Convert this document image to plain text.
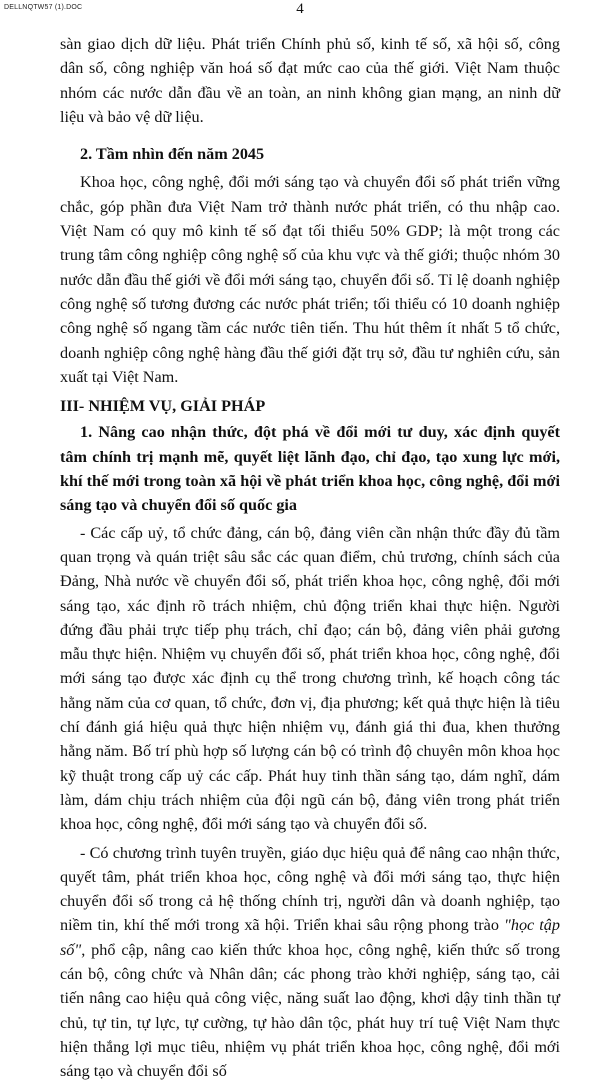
DELLNQTW57 (1).DOC	4

sàn giao dịch dữ liệu. Phát triển Chính phủ số, kinh tế số, xã hội số, công dân số, công nghiệp văn hoá số đạt mức cao của thế giới. Việt Nam thuộc nhóm các nước dẫn đầu về an toàn, an ninh không gian mạng, an ninh dữ liệu và bảo vệ dữ liệu.

2. Tầm nhìn đến năm 2045

Khoa học, công nghệ, đổi mới sáng tạo và chuyển đổi số phát triển vững chắc, góp phần đưa Việt Nam trở thành nước phát triển, có thu nhập cao. Việt Nam có quy mô kinh tế số đạt tối thiểu 50% GDP; là một trong các trung tâm công nghiệp công nghệ số của khu vực và thế giới; thuộc nhóm 30 nước dẫn đầu thế giới về đổi mới sáng tạo, chuyển đổi số. Tỉ lệ doanh nghiệp công nghệ số tương đương các nước phát triển; tối thiểu có 10 doanh nghiệp công nghệ số ngang tầm các nước tiên tiến. Thu hút thêm ít nhất 5 tổ chức, doanh nghiệp công nghệ hàng đầu thế giới đặt trụ sở, đầu tư nghiên cứu, sản xuất tại Việt Nam.

III- NHIỆM VỤ, GIẢI PHÁP

1. Nâng cao nhận thức, đột phá về đổi mới tư duy, xác định quyết tâm chính trị mạnh mẽ, quyết liệt lãnh đạo, chỉ đạo, tạo xung lực mới, khí thế mới trong toàn xã hội về phát triển khoa học, công nghệ, đổi mới sáng tạo và chuyển đổi số quốc gia

- Các cấp uỷ, tổ chức đảng, cán bộ, đảng viên cần nhận thức đầy đủ tầm quan trọng và quán triệt sâu sắc các quan điểm, chủ trương, chính sách của Đảng, Nhà nước về chuyển đổi số, phát triển khoa học, công nghệ, đổi mới sáng tạo, xác định rõ trách nhiệm, chủ động triển khai thực hiện. Người đứng đầu phải trực tiếp phụ trách, chỉ đạo; cán bộ, đảng viên phải gương mẫu thực hiện. Nhiệm vụ chuyển đổi số, phát triển khoa học, công nghệ, đổi mới sáng tạo được xác định cụ thể trong chương trình, kế hoạch công tác hằng năm của cơ quan, tổ chức, đơn vị, địa phương; kết quả thực hiện là tiêu chí đánh giá hiệu quả thực hiện nhiệm vụ, đánh giá thi đua, khen thưởng hằng năm. Bố trí phù hợp số lượng cán bộ có trình độ chuyên môn khoa học kỹ thuật trong cấp uỷ các cấp. Phát huy tinh thần sáng tạo, dám nghĩ, dám làm, dám chịu trách nhiệm của đội ngũ cán bộ, đảng viên trong phát triển khoa học, công nghệ, đổi mới sáng tạo và chuyển đổi số.

- Có chương trình tuyên truyền, giáo dục hiệu quả để nâng cao nhận thức, quyết tâm, phát triển khoa học, công nghệ và đổi mới sáng tạo, thực hiện chuyển đổi số trong cả hệ thống chính trị, người dân và doanh nghiệp, tạo niềm tin, khí thế mới trong xã hội. Triển khai sâu rộng phong trào "học tập số", phổ cập, nâng cao kiến thức khoa học, công nghệ, kiến thức số trong cán bộ, công chức và Nhân dân; các phong trào khởi nghiệp, sáng tạo, cải tiến nâng cao hiệu quả công việc, năng suất lao động, khơi dậy tinh thần tự chủ, tự tin, tự lực, tự cường, tự hào dân tộc, phát huy trí tuệ Việt Nam thực hiện thắng lợi mục tiêu, nhiệm vụ phát triển khoa học, công nghệ, đổi mới sáng tạo và chuyển đổi số
